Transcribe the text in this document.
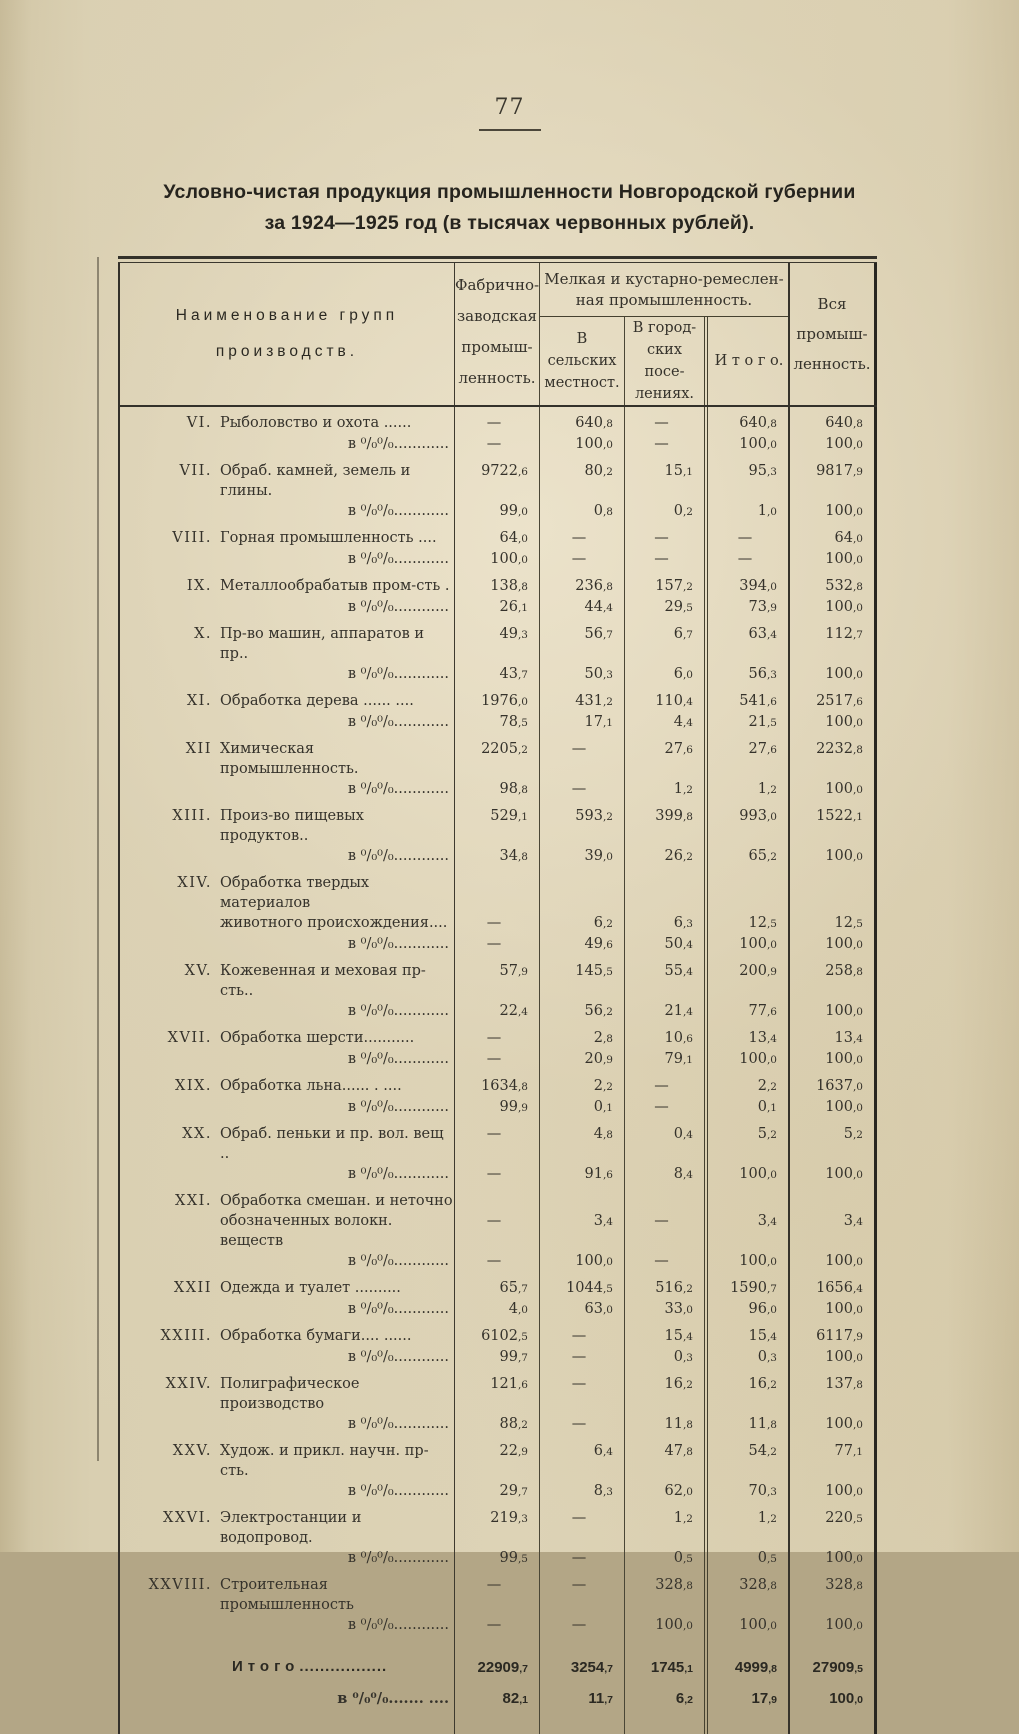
77
Условно-чистая продукция промышленности Новгородской губернии
за 1924—1925 год (в тысячах червонных рублей).
Наименование групп
производств.
Фабрично-
заводская
промыш-
ленность.
Мелкая и кустарно-ремеслен-
ная промышленность.
В сельских
местност.
В город-
ских посе-
лениях.
И т о г о.
Вся
промыш-
ленность.
VI. Рыболовство и охота ......	—	640,8	—	640,8	640,8
в ⁰/₀⁰/₀............	—	100,0	—	100,0	100,0
VII. Обраб. камней, земель и глины.
9722,6	80,2	15,1	95,3	9817,9
в ⁰/₀⁰/₀............	99,0	0,8	0,2	1,0	100,0
VIII. Горная промышленность ....	64,0	—	—	—	64,0
в ⁰/₀⁰/₀............	100,0	—	—	—	100,0
IX. Металлообрабатыв пром-сть .	138,8	236,8	157,2	394,0	532,8
в ⁰/₀⁰/₀............	26,1	44,4	29,5	73,9	100,0
X. Пр-во машин, аппаратов и пр..
49,3	56,7	6,7	63,4	112,7
в ⁰/₀⁰/₀............	43,7	50,3	6,0	56,3	100,0
XI. Обработка дерева ...... ....	1976,0	431,2	110,4	541,6	2517,6
в ⁰/₀⁰/₀............	78,5	17,1	4,4	21,5	100,0
XII Химическая промышленность.
2205,2	—	27,6	27,6	2232,8
в ⁰/₀⁰/₀............	98,8	—	1,2	1,2	100,0
XIII. Произ-во пищевых продуктов..
529,1	593,2	399,8	993,0	1522,1
в ⁰/₀⁰/₀............	34,8	39,0	26,2	65,2	100,0
XIV. Обработка твердых материалов
животного происхождения....	—	6,2	6,3	12,5	12,5
в ⁰/₀⁰/₀............	—	49,6	50,4	100,0	100,0
XV. Кожевенная и меховая пр-сть..
57,9	145,5	55,4	200,9	258,8
в ⁰/₀⁰/₀............	22,4	56,2	21,4	77,6	100,0
XVII. Обработка шерсти...........	—	2,8	10,6	13,4	13,4
в ⁰/₀⁰/₀............	—	20,9	79,1	100,0	100,0
XIX. Обработка льна...... . ....	1634,8	2,2	—	2,2	1637,0
в ⁰/₀⁰/₀............	99,9	0,1	—	0,1	100,0
XX. Обраб. пеньки и пр. вол. вещ ..
—	4,8	0,4	5,2	5,2
в ⁰/₀⁰/₀............	—	91,6	8,4	100,0	100,0
XXI. Обработка смешан. и неточно
обозначенных волокн. веществ
—	3,4	—	3,4	3,4
в ⁰/₀⁰/₀............	—	100,0	—	100,0	100,0
XXII Одежда и туалет ..........	65,7	1044,5	516,2	1590,7	1656,4
в ⁰/₀⁰/₀............	4,0	63,0	33,0	96,0	100,0
XXIII. Обработка бумаги.... ......	6102,5	—	15,4	15,4	6117,9
в ⁰/₀⁰/₀............	99,7	—	0,3	0,3	100,0
XXIV. Полиграфическое производство
121,6	—	16,2	16,2	137,8
в ⁰/₀⁰/₀............	88,2	—	11,8	11,8	100,0
XXV. Худож. и прикл. научн. пр-сть.
22,9	6,4	47,8	54,2	77,1
в ⁰/₀⁰/₀............	29,7	8,3	62,0	70,3	100,0
XXVI. Электростанции и водопровод.
219,3	—	1,2	1,2	220,5
в ⁰/₀⁰/₀............	99,5	—	0,5	0,5	100,0
XXVIII. Строительная промышленность
—	—	328,8	328,8	328,8
в ⁰/₀⁰/₀............	—	—	100,0	100,0	100,0
Итого .................	22909,7	3254,7	1745,1	4999,8	27909,5
в ⁰/₀⁰/₀....... ....	82,1	11,7	6,2	17,9	100,0
